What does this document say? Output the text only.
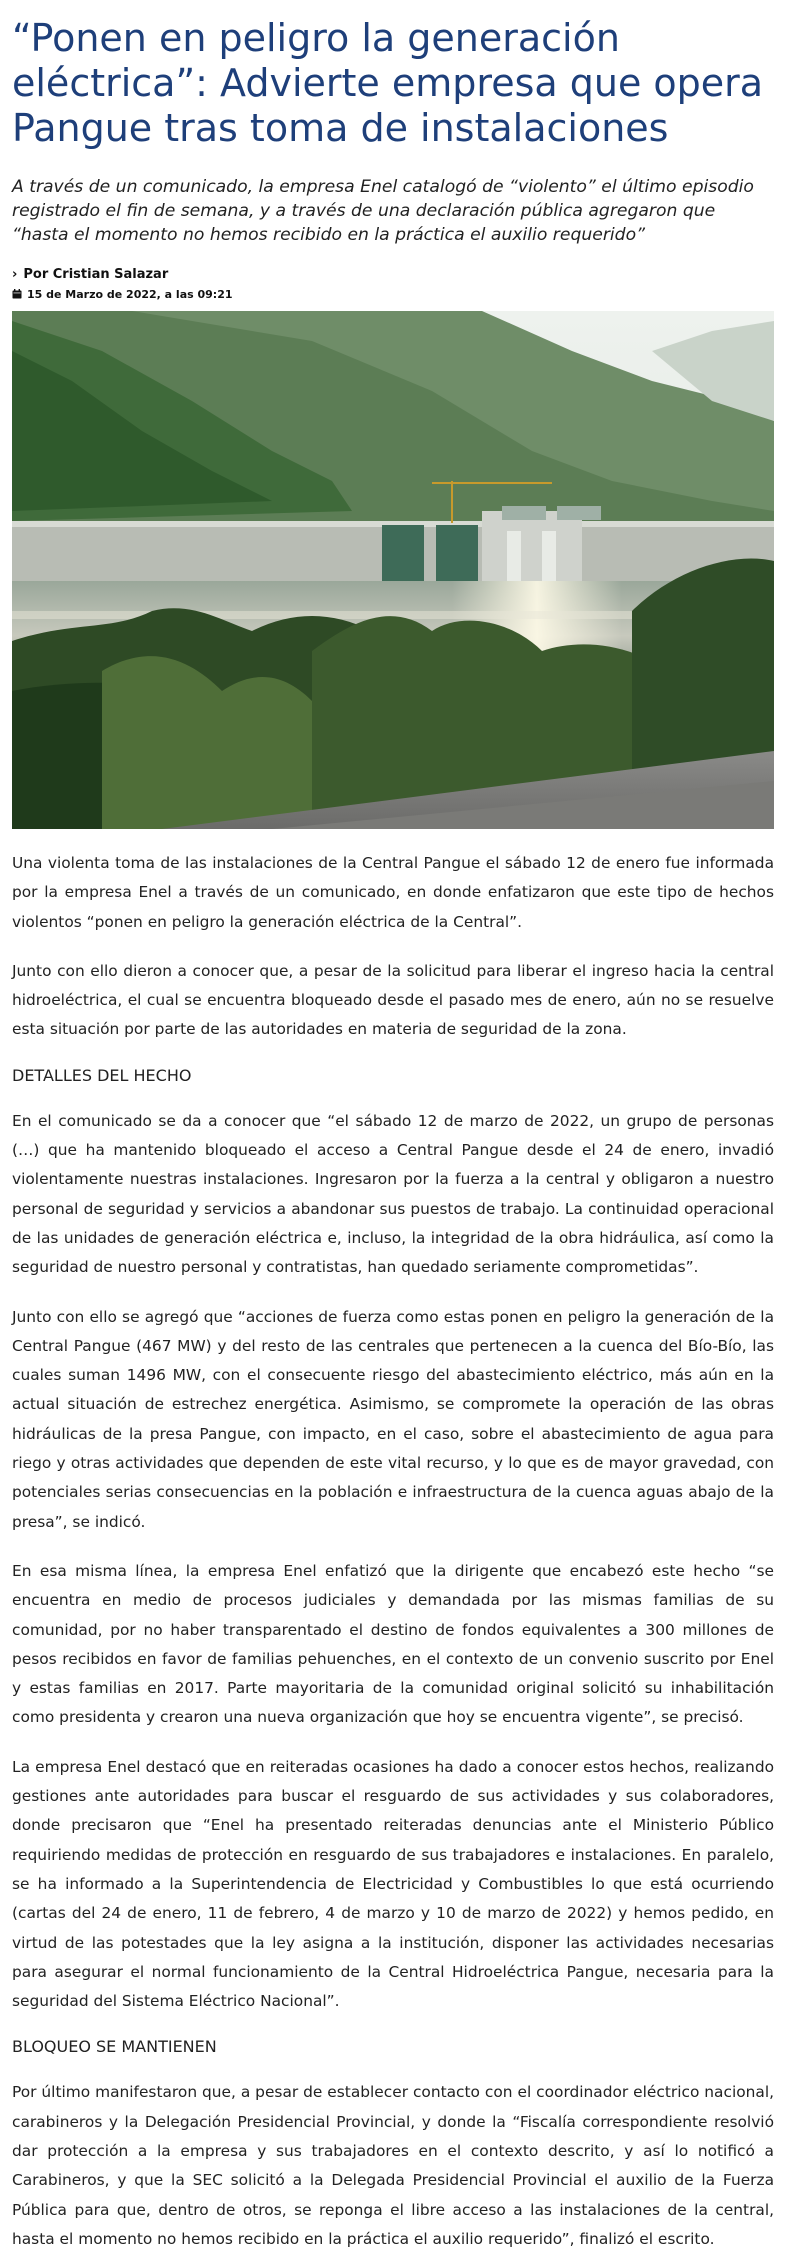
“Ponen en peligro la generación eléctrica”: Advierte empresa que opera Pangue tras toma de instalaciones
A través de un comunicado, la empresa Enel catalogó de “violento” el último episodio registrado el fin de semana, y a través de una declaración pública agregaron que “hasta el momento no hemos recibido en la práctica el auxilio requerido”
› Por Cristian Salazar
15 de Marzo de 2022, a las 09:21

Una violenta toma de las instalaciones de la Central Pangue el sábado 12 de enero fue informada por la empresa Enel a través de un comunicado, en donde enfatizaron que este tipo de hechos violentos “ponen en peligro la generación eléctrica de la Central”.

Junto con ello dieron a conocer que, a pesar de la solicitud para liberar el ingreso hacia la central hidroeléctrica, el cual se encuentra bloqueado desde el pasado mes de enero, aún no se resuelve esta situación por parte de las autoridades en materia de seguridad de la zona.

DETALLES DEL HECHO

En el comunicado se da a conocer que “el sábado 12 de marzo de 2022, un grupo de personas (…) que ha mantenido bloqueado el acceso a Central Pangue desde el 24 de enero, invadió violentamente nuestras instalaciones. Ingresaron por la fuerza a la central y obligaron a nuestro personal de seguridad y servicios a abandonar sus puestos de trabajo. La continuidad operacional de las unidades de generación eléctrica e, incluso, la integridad de la obra hidráulica, así como la seguridad de nuestro personal y contratistas, han quedado seriamente comprometidas”.

Junto con ello se agregó que “acciones de fuerza como estas ponen en peligro la generación de la Central Pangue (467 MW) y del resto de las centrales que pertenecen a la cuenca del Bío-Bío, las cuales suman 1496 MW, con el consecuente riesgo del abastecimiento eléctrico, más aún en la actual situación de estrechez energética. Asimismo, se compromete la operación de las obras hidráulicas de la presa Pangue, con impacto, en el caso, sobre el abastecimiento de agua para riego y otras actividades que dependen de este vital recurso, y lo que es de mayor gravedad, con potenciales serias consecuencias en la población e infraestructura de la cuenca aguas abajo de la presa”, se indicó.

En esa misma línea, la empresa Enel enfatizó que la dirigente que encabezó este hecho “se encuentra en medio de procesos judiciales y demandada por las mismas familias de su comunidad, por no haber transparentado el destino de fondos equivalentes a 300 millones de pesos recibidos en favor de familias pehuenches, en el contexto de un convenio suscrito por Enel y estas familias en 2017. Parte mayoritaria de la comunidad original solicitó su inhabilitación como presidenta y crearon una nueva organización que hoy se encuentra vigente”, se precisó.

La empresa Enel destacó que en reiteradas ocasiones ha dado a conocer estos hechos, realizando gestiones ante autoridades para buscar el resguardo de sus actividades y sus colaboradores, donde precisaron que “Enel ha presentado reiteradas denuncias ante el Ministerio Público requiriendo medidas de protección en resguardo de sus trabajadores e instalaciones. En paralelo, se ha informado a la Superintendencia de Electricidad y Combustibles lo que está ocurriendo (cartas del 24 de enero, 11 de febrero, 4 de marzo y 10 de marzo de 2022) y hemos pedido, en virtud de las potestades que la ley asigna a la institución, disponer las actividades necesarias para asegurar el normal funcionamiento de la Central Hidroeléctrica Pangue, necesaria para la seguridad del Sistema Eléctrico Nacional”.

BLOQUEO SE MANTIENEN

Por último manifestaron que, a pesar de establecer contacto con el coordinador eléctrico nacional, carabineros y la Delegación Presidencial Provincial, y donde la “Fiscalía correspondiente resolvió dar protección a la empresa y sus trabajadores en el contexto descrito, y así lo notificó a Carabineros, y que la SEC solicitó a la Delegada Presidencial Provincial el auxilio de la Fuerza Pública para que, dentro de otros, se reponga el libre acceso a las instalaciones de la central, hasta el momento no hemos recibido en la práctica el auxilio requerido”, finalizó el escrito.
